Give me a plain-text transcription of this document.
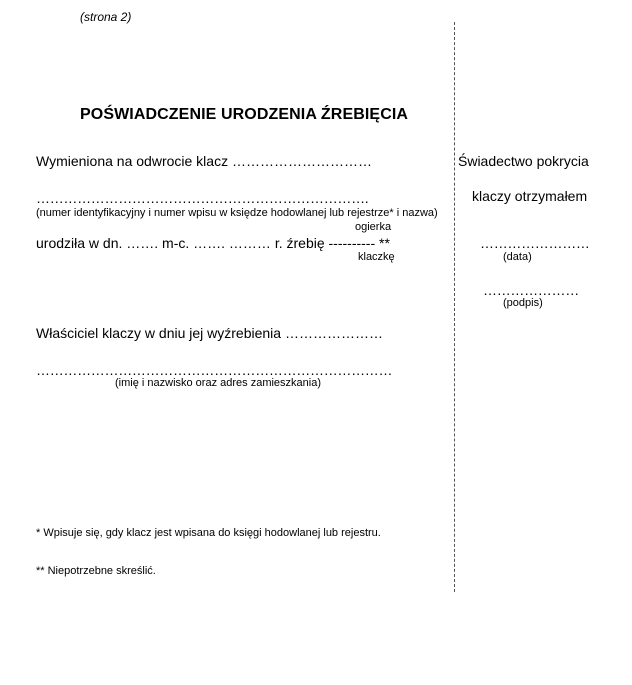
(strona 2)
POŚWIADCZENIE URODZENIA ŹREBIĘCIA
Wymieniona na odwrocie klacz …………………………
……………………………………………………………….
(numer identyfikacyjny i numer wpisu w księdze hodowlanej lub rejestrze* i nazwa)
ogierka
urodziła w dn. ……. m-c. ……. ……… r. źrebię ---------- **
klaczkę
Właściciel klaczy w dniu jej wyźrebienia …………………
……………………………………………………………………
(imię i nazwisko oraz adres zamieszkania)
* Wpisuje się, gdy klacz jest wpisana do księgi hodowlanej lub rejestru.
** Niepotrzebne skreślić.
Świadectwo pokrycia
klaczy otrzymałem
……………………
(data)
…………………
(podpis)
